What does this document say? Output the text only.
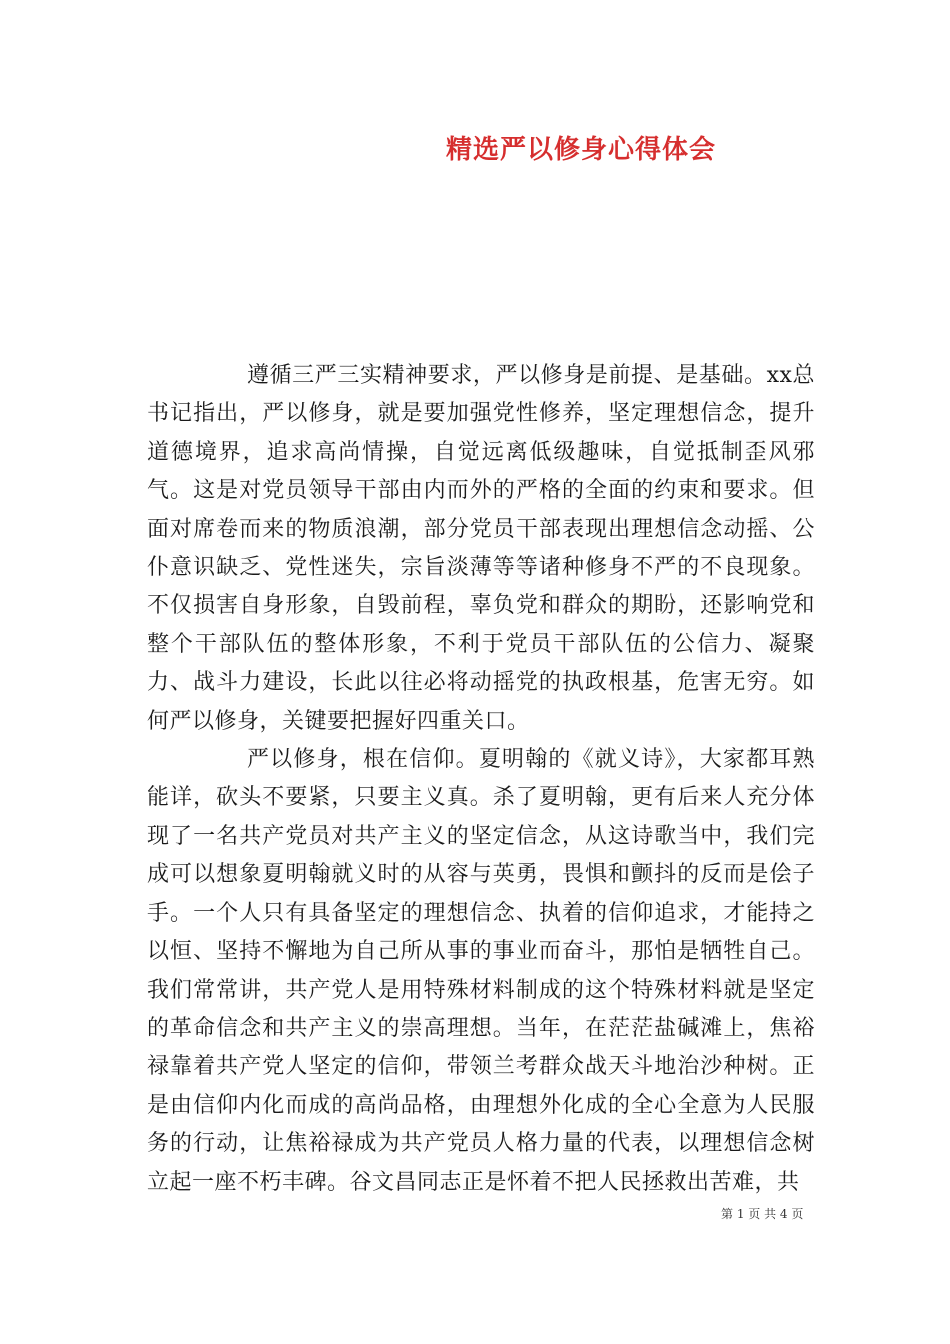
精选严以修身心得体会

遵循三严三实精神要求，严以修身是前提、是基础。xx总书记指出，严以修身，就是要加强党性修养，坚定理想信念，提升道德境界，追求高尚情操，自觉远离低级趣味，自觉抵制歪风邪气。这是对党员领导干部由内而外的严格的全面的约束和要求。但面对席卷而来的物质浪潮，部分党员干部表现出理想信念动摇、公仆意识缺乏、党性迷失，宗旨淡薄等等诸种修身不严的不良现象。不仅损害自身形象，自毁前程，辜负党和群众的期盼，还影响党和整个干部队伍的整体形象，不利于党员干部队伍的公信力、凝聚力、战斗力建设，长此以往必将动摇党的执政根基，危害无穷。如何严以修身，关键要把握好四重关口。

严以修身，根在信仰。夏明翰的《就义诗》，大家都耳熟能详，砍头不要紧，只要主义真。杀了夏明翰，更有后来人充分体现了一名共产党员对共产主义的坚定信念，从这诗歌当中，我们完成可以想象夏明翰就义时的从容与英勇，畏惧和颤抖的反而是侩子手。一个人只有具备坚定的理想信念、执着的信仰追求，才能持之以恒、坚持不懈地为自己所从事的事业而奋斗，那怕是牺牲自己。我们常常讲，共产党人是用特殊材料制成的这个特殊材料就是坚定的革命信念和共产主义的崇高理想。当年，在茫茫盐碱滩上，焦裕禄靠着共产党人坚定的信仰，带领兰考群众战天斗地治沙种树。正是由信仰内化而成的高尚品格，由理想外化成的全心全意为人民服务的行动，让焦裕禄成为共产党员人格力量的代表，以理想信念树立起一座不朽丰碑。谷文昌同志正是怀着不把人民拯救出苦难，共

第 1 页 共 4 页
